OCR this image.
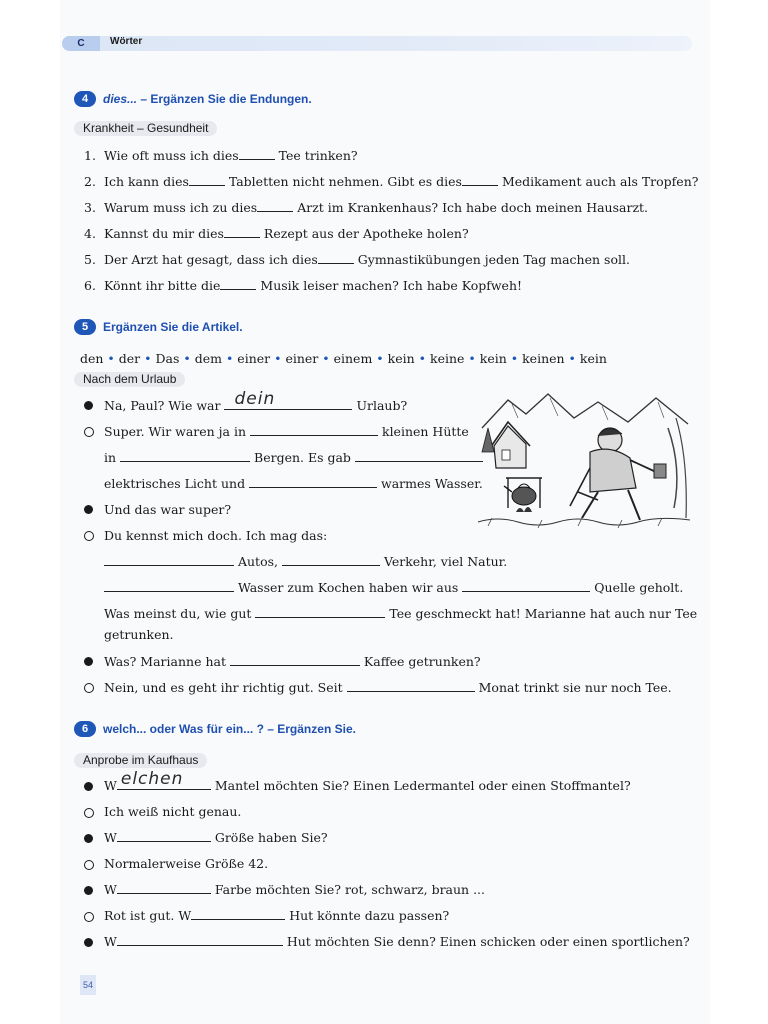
C	Wörter
4	dies... – Ergänzen Sie die Endungen.
Krankheit – Gesundheit
1. Wie oft muss ich dies	Tee trinken?
2. Ich kann dies	Tabletten nicht nehmen. Gibt es dies	Medikament auch als Tropfen?
3. Warum muss ich zu dies	Arzt im Krankenhaus? Ich habe doch meinen Hausarzt.
4. Kannst du mir dies	Rezept aus der Apotheke holen?
5. Der Arzt hat gesagt, dass ich dies	Gymnastikübungen jeden Tag machen soll.
6. Könnt ihr bitte die	Musik leiser machen? Ich habe Kopfweh!
5	Ergänzen Sie die Artikel.
den • der • Das • dem • einer • einer • einem • kein • keine • kein • keinen • kein
Nach dem Urlaub
Na, Paul? Wie war dein	Urlaub?
Super. Wir waren ja in	kleinen Hütte
in	Bergen. Es gab
elektrisches Licht und	warmes Wasser.
Und das war super?
Du kennst mich doch. Ich mag das:
Autos,	Verkehr, viel Natur.
Wasser zum Kochen haben wir aus	Quelle geholt.
Was meinst du, wie gut	Tee geschmeckt hat! Marianne hat auch nur Tee
getrunken.
Was? Marianne hat	Kaffee getrunken?
Nein, und es geht ihr richtig gut. Seit	Monat trinkt sie nur noch Tee.
6	welch... oder Was für ein... ? – Ergänzen Sie.
Anprobe im Kaufhaus
W elchen Mantel möchten Sie? Einen Ledermantel oder einen Stoffmantel?
Ich weiß nicht genau.
W	Größe haben Sie?
Normalerweise Größe 42.
W	Farbe möchten Sie? rot, schwarz, braun ...
Rot ist gut. W	Hut könnte dazu passen?
W	Hut möchten Sie denn? Einen schicken oder einen sportlichen?
54
